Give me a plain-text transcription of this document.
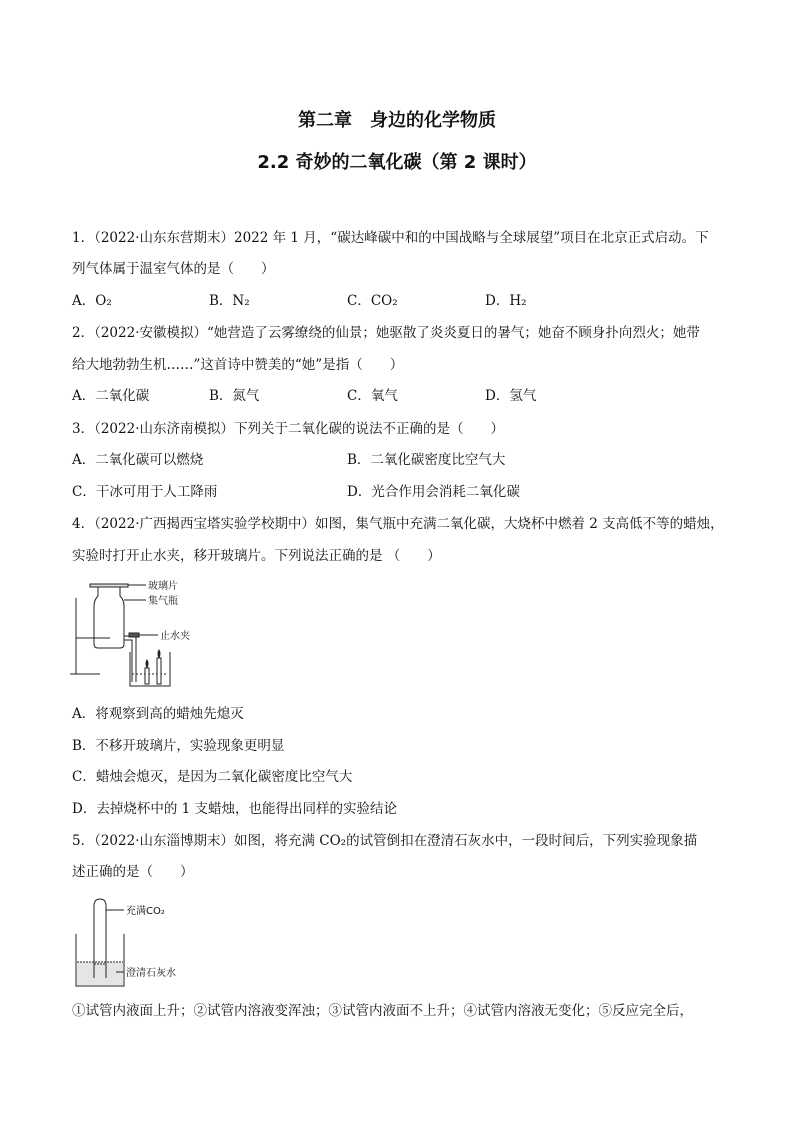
第二章　身边的化学物质
2.2 奇妙的二氧化碳（第 2 课时）
1．（2022·山东东营期末）2022 年 1 月，“碳达峰碳中和的中国战略与全球展望”项目在北京正式启动。下
列气体属于温室气体的是（　　）
A．O₂	B．N₂	C．CO₂	D．H₂
2．（2022·安徽模拟）“她营造了云雾缭绕的仙景；她驱散了炎炎夏日的暑气；她奋不顾身扑向烈火；她带
给大地勃勃生机……”这首诗中赞美的“她”是指（　　）
A．二氧化碳	B．氮气	C．氧气	D．氢气
3．（2022·山东济南模拟）下列关于二氧化碳的说法不正确的是（　　）
A．二氧化碳可以燃烧	B．二氧化碳密度比空气大
C．干冰可用于人工降雨	D．光合作用会消耗二氧化碳
4．（2022·广西揭西宝塔实验学校期中）如图，集气瓶中充满二氧化碳，大烧杯中燃着 2 支高低不等的蜡烛，
实验时打开止水夹，移开玻璃片。下列说法正确的是 （　　）
玻璃片
集气瓶
止水夹
A．将观察到高的蜡烛先熄灭
B．不移开玻璃片，实验现象更明显
C．蜡烛会熄灭，是因为二氧化碳密度比空气大
D．去掉烧杯中的 1 支蜡烛，也能得出同样的实验结论
5．（2022·山东淄博期末）如图，将充满 CO₂的试管倒扣在澄清石灰水中，一段时间后，下列实验现象描
述正确的是（　　）
充满CO₂
澄清石灰水
①试管内液面上升；②试管内溶液变浑浊；③试管内液面不上升；④试管内溶液无变化；⑤反应完全后，
